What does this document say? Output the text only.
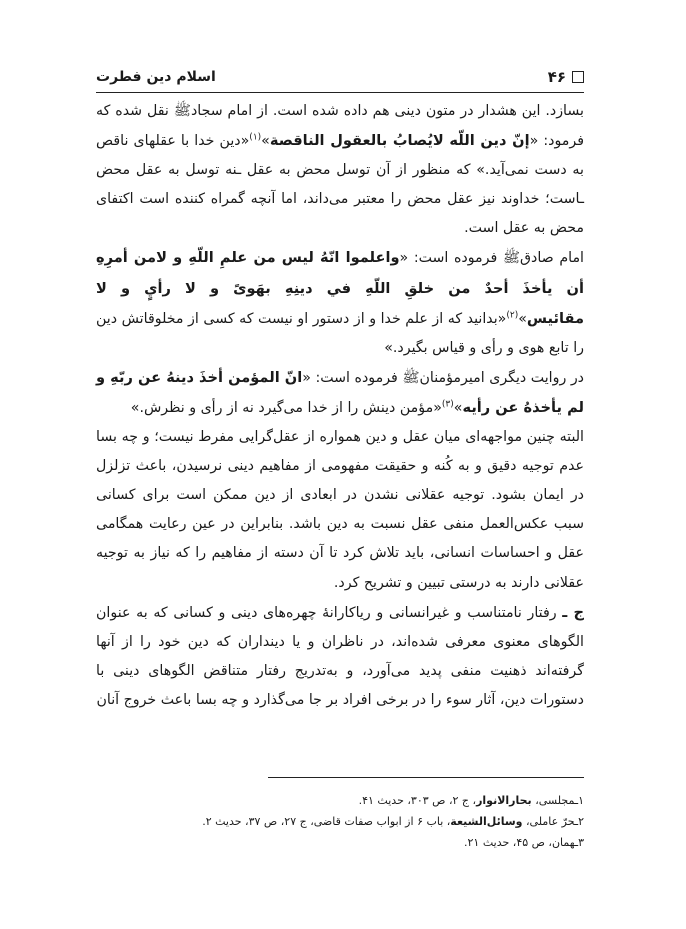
۴۶
اسلام دین فطرت

بسازد. این هشدار در متون دینی هم داده شده است. از امام سجادﷺ نقل شده که فرمود: «إنّ دین اللّه لایُصابُ بالعقول الناقصة»$^{(۱)}$«دین خدا با عقلهای ناقص به دست نمی‌آید.» که منظور از آن توسل محض به عقل ـنه توسل به عقل محض ـاست؛ خداوند نیز عقل محض را معتبر می‌داند، اما آنچه گمراه کننده است اکتفای محض به عقل است.

امام صادقﷺ فرموده است: «واعلموا انّهُ لیس من علمِ اللّهِ و لامن أمرِهِ أن یأخذَ أحدٌ من خلقِ اللّهِ في دینِهِ بهَویً و لا رأيٍ و لا مقائیس»$^{(۲)}$«بدانید که از علم خدا و از دستور او نیست که کسی از مخلوقاتش دین را تابع هوی و رأی و قیاس بگیرد.»

در روایت دیگری امیرمؤمنانﷺ فرموده است: «انّ المؤمن أخذَ دینهُ عن ربّهِ و لم یأخذهُ عن رأیه»$^{(۳)}$«مؤمن دینش را از خدا می‌گیرد نه از رأی و نظرش.»

البته چنین مواجهه‌ای میان عقل و دین همواره از عقل‌گرایی مفرط نیست؛ و چه بسا عدم توجیه دقیق و به کُنه و حقیقت مفهومی از مفاهیم دینی نرسیدن، باعث تزلزل در ایمان بشود. توجیه عقلانی نشدن در ابعادی از دین ممکن است برای کسانی سبب عکس‌العمل منفی عقل نسبت به دین باشد. بنابراین در عین رعایت همگامی عقل و احساسات انسانی، باید تلاش کرد تا آن دسته از مفاهیم را که نیاز به توجیه عقلانی دارند به درستی تبیین و تشریح کرد.

ج ـ رفتار نامتناسب و غیرانسانی و ریاکارانهٔ چهره‌های دینی و کسانی که به عنوان الگوهای معنوی معرفی شده‌اند، در ناظران و یا دینداران که دین خود را از آنها گرفته‌اند ذهنیت منفی پدید می‌آورد، و به‌تدریج رفتار متناقض الگوهای دینی با دستورات دین، آثار سوء را در برخی افراد بر جا می‌گذارد و چه بسا باعث خروج آنان

۱ـمجلسی، بحارالانوار، ج ۲، ص ۳۰۳، حدیث ۴۱.

۲ـحرّ عاملی، وسائل‌الشیعة، باب ۶ از ابواب صفات قاضی، ج ۲۷، ص ۳۷، حدیث ۲.

۳ـهمان، ص ۴۵، حدیث ۲۱.
